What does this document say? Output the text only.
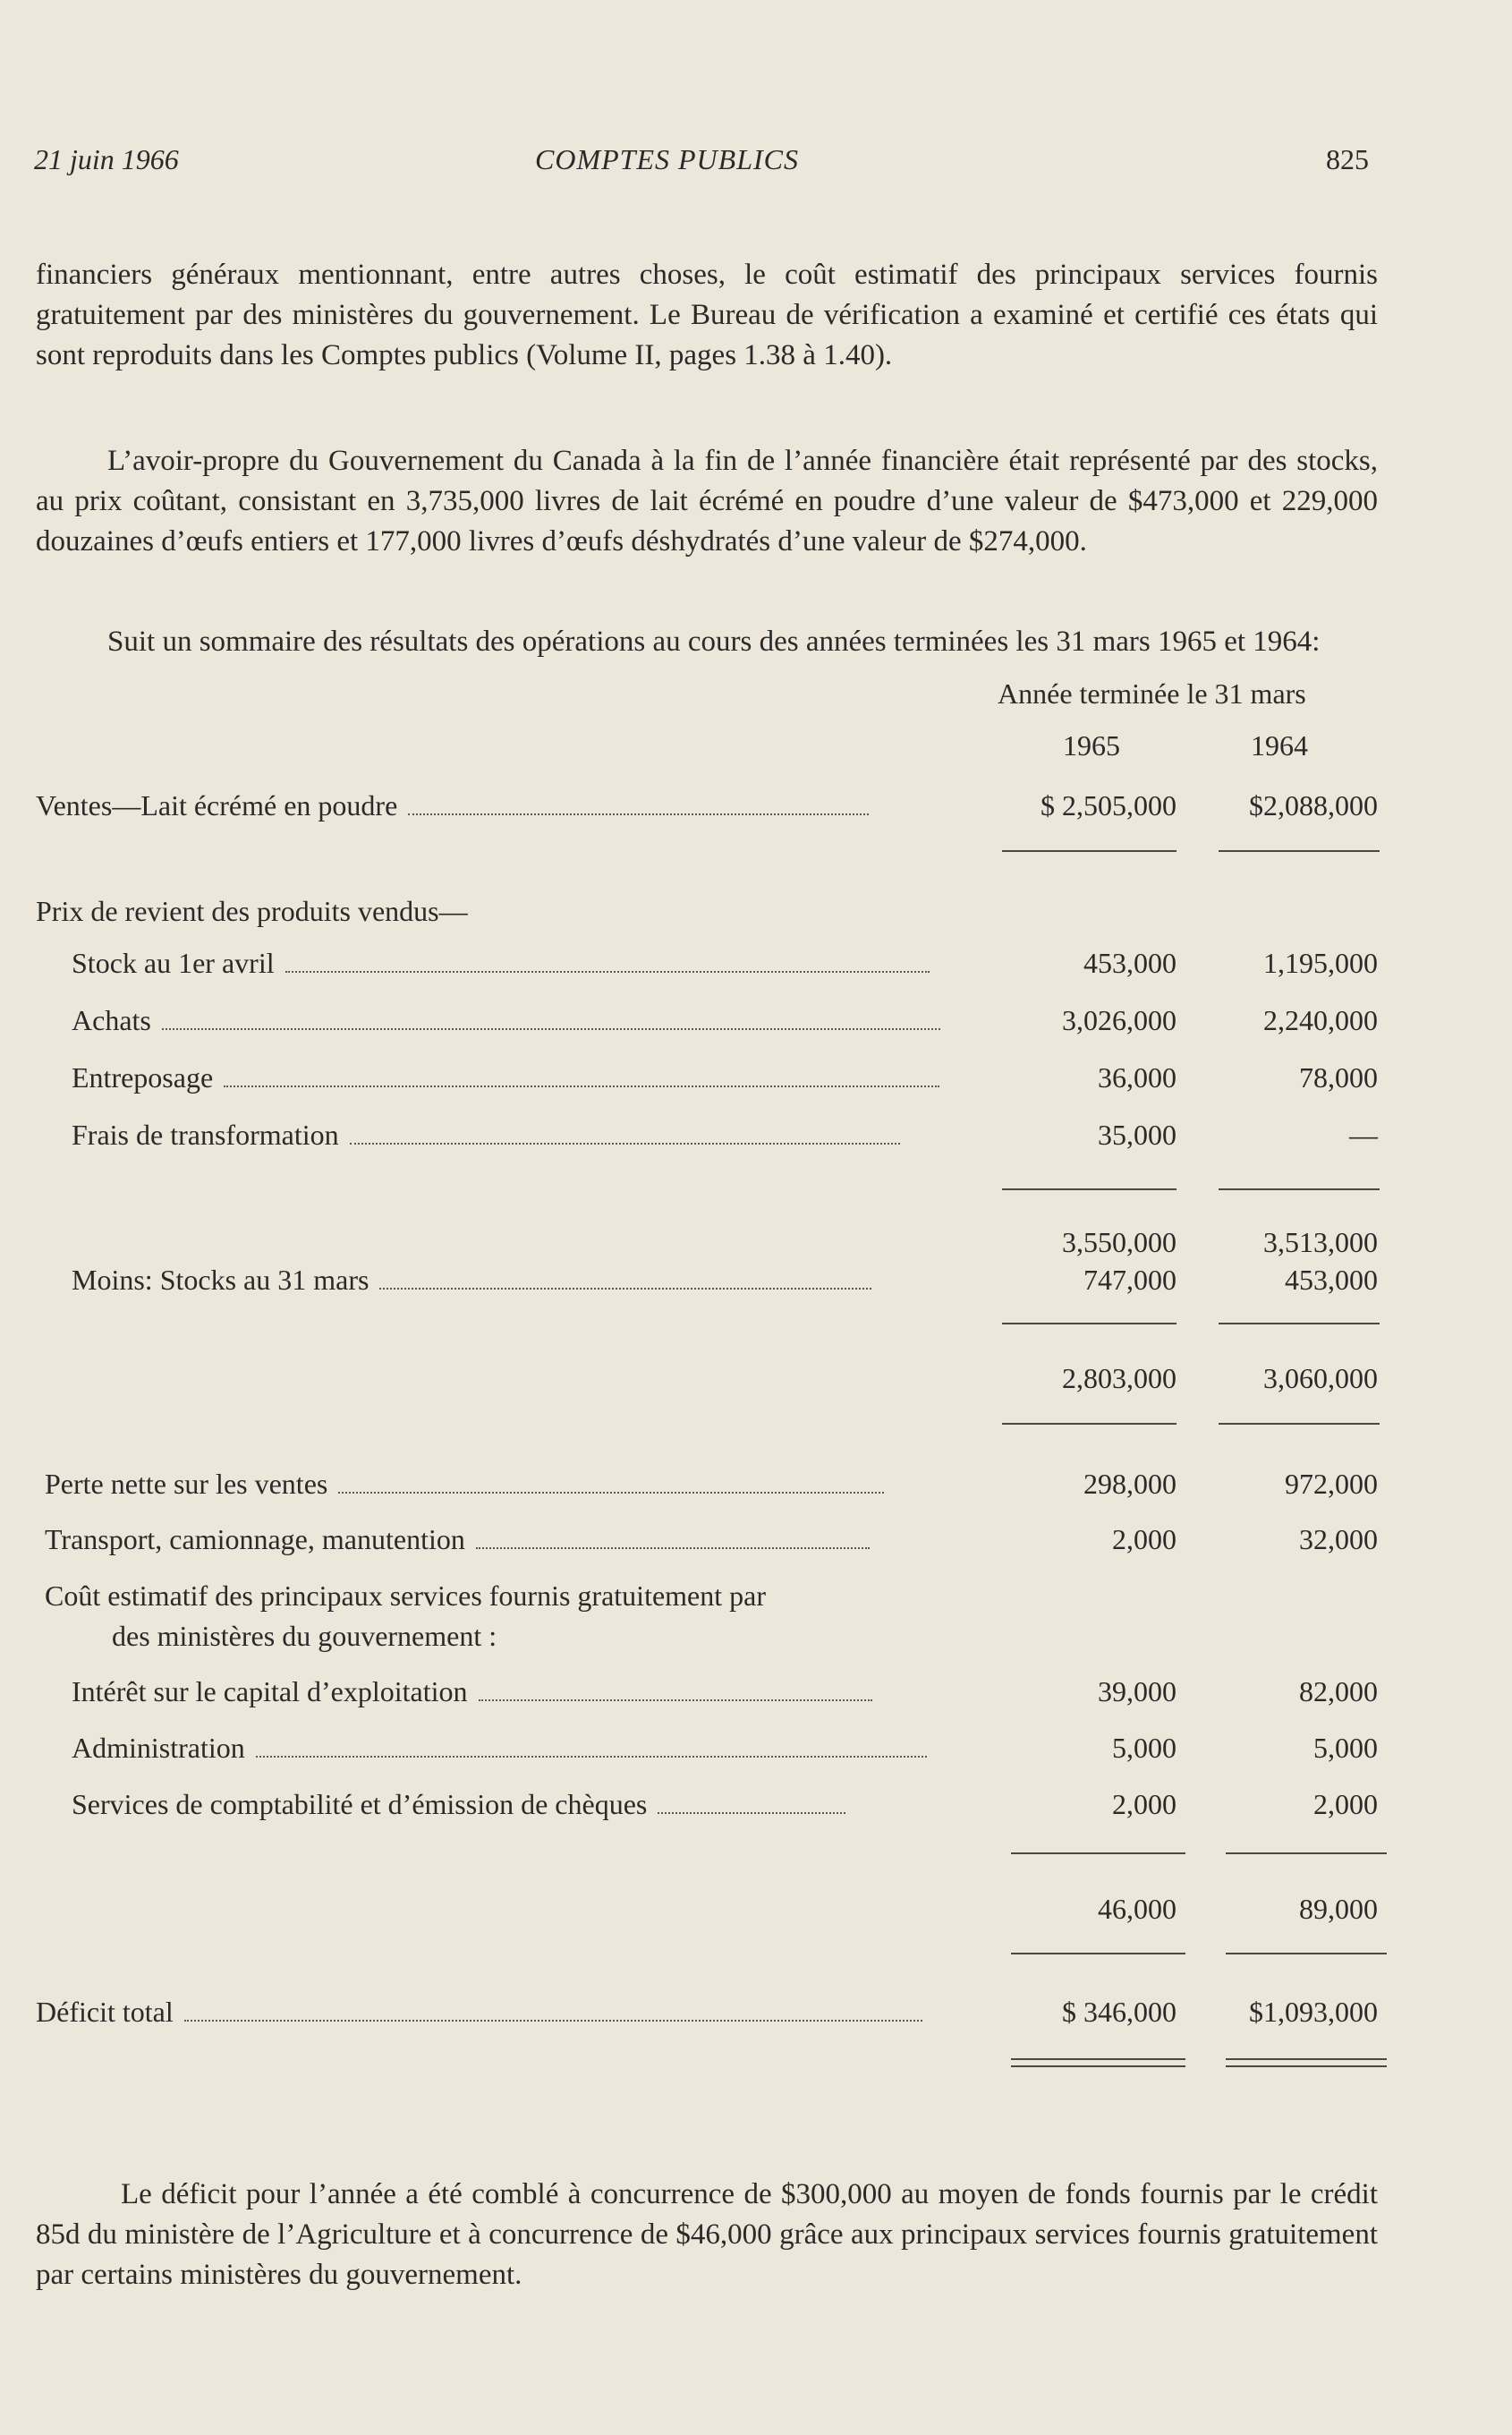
21 juin 1966	COMPTES PUBLICS	825

financiers généraux mentionnant, entre autres choses, le coût estimatif des principaux services fournis gratuitement par des ministères du gouvernement. Le Bureau de vérification a examiné et certifié ces états qui sont reproduits dans les Comptes publics (Volume II, pages 1.38 à 1.40).

L’avoir-propre du Gouvernement du Canada à la fin de l’année financière était représenté par des stocks, au prix coûtant, consistant en 3,735,000 livres de lait écrémé en poudre d’une valeur de $473,000 et 229,000 douzaines d’œufs entiers et 177,000 livres d’œufs déshydratés d’une valeur de $274,000.

Suit un sommaire des résultats des opérations au cours des années terminées les 31 mars 1965 et 1964:

Année terminée le 31 mars
1965	1964
Ventes—Lait écrémé en poudre	$ 2,505,000	$2,088,000
Prix de revient des produits vendus—
Stock au 1er avril	453,000	1,195,000
Achats	3,026,000	2,240,000
Entreposage	36,000	78,000
Frais de transformation	35,000	—
3,550,000	3,513,000
Moins: Stocks au 31 mars	747,000	453,000
2,803,000	3,060,000
Perte nette sur les ventes	298,000	972,000
Transport, camionnage, manutention	2,000	32,000
Coût estimatif des principaux services fournis gratuitement par
des ministères du gouvernement :
Intérêt sur le capital d’exploitation	39,000	82,000
Administration	5,000	5,000
Services de comptabilité et d’émission de chèques	2,000	2,000
46,000	89,000
Déficit total	$ 346,000	$1,093,000

Le déficit pour l’année a été comblé à concurrence de $300,000 au moyen de fonds fournis par le crédit 85d du ministère de l’Agriculture et à concurrence de $46,000 grâce aux principaux services fournis gratuitement par certains ministères du gouvernement.
